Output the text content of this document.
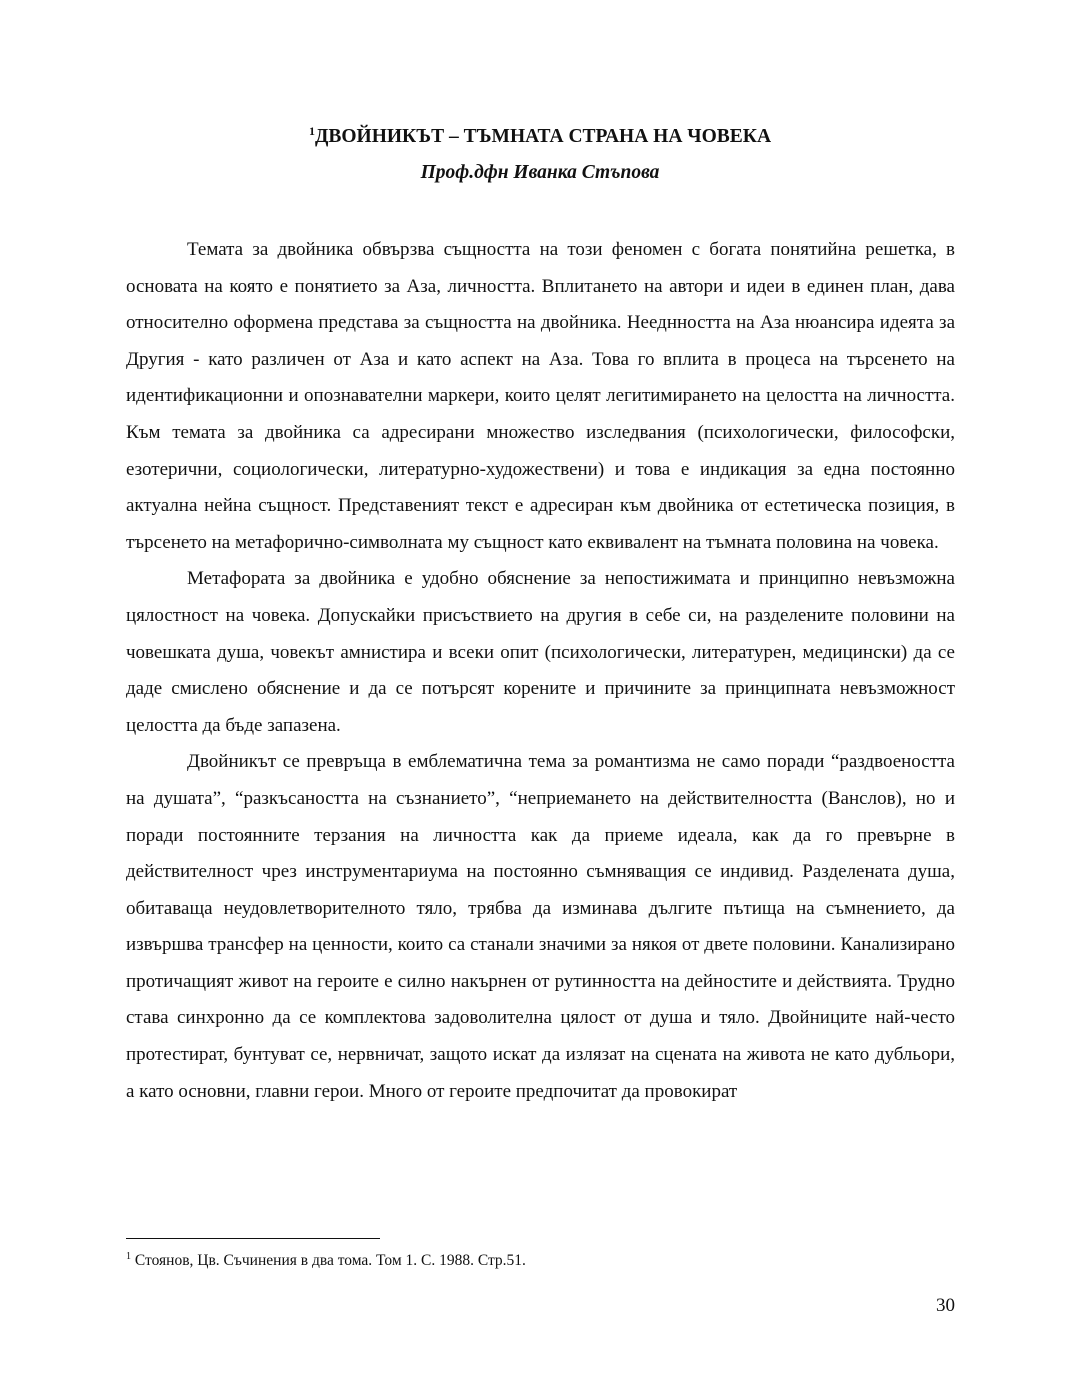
$^1$ДВОЙНИКЪТ – ТЪМНАТА СТРАНА НА ЧОВЕКА
Проф.дфн Иванка Стъпова

Темата за двойника обвързва същността на този феномен с богата понятийна решетка, в основата на която е понятието за Аза, личността. Вплитането на автори и идеи в единен план, дава относително оформена представа за същността на двойника. Нееднността на Аза нюансира идеята за Другия - като различен от Аза и като аспект на Аза. Това го вплита в процеса на търсенето на идентификационни и опознавателни маркери, които целят легитимирането на целостта на личността. Към темата за двойника са адресирани множество изследвания (психологически, философски, езотерични, социологически, литературно-художествени) и това е индикация за една постоянно актуална нейна същност. Представеният текст е адресиран към двойника от естетическа позиция, в търсенето на метафорично-символната му същност като еквивалент на тъмната половина на човека.

Метафората за двойника е удобно обяснение за непостижимата и принципно невъзможна цялостност на човека. Допускайки присъствието на другия в себе си, на разделените половини на човешката душа, човекът амнистира и всеки опит (психологически, литературен, медицински) да се даде смислено обяснение и да се потърсят корените и причините за принципната невъзможност целостта да бъде запазена.

Двойникът се превръща в емблематична тема за романтизма не само поради “раздвоеността на душата”, “разкъсаността на съзнанието”, “неприемането на действителността (Ванслов), но и поради постоянните терзания на личността как да приеме идеала, как да го превърне в действителност чрез инструментариума на постоянно съмняващия се индивид. Разделената душа, обитаваща неудовлетворителното тяло, трябва да изминава дългите пътища на съмнението, да извършва трансфер на ценности, които са станали значими за някоя от двете половини. Канализирано протичащият живот на героите е силно накърнен от рутинността на дейностите и действията. Трудно става синхронно да се комплектова задоволителна цялост от душа и тяло. Двойниците най-често протестират, бунтуват се, нервничат, защото искат да излязат на сцената на живота не като дубльори, а като основни, главни герои. Много от героите предпочитат да провокират

$^1$ Стоянов, Цв. Съчинения в два тома. Том 1. С. 1988. Стр.51.
30
